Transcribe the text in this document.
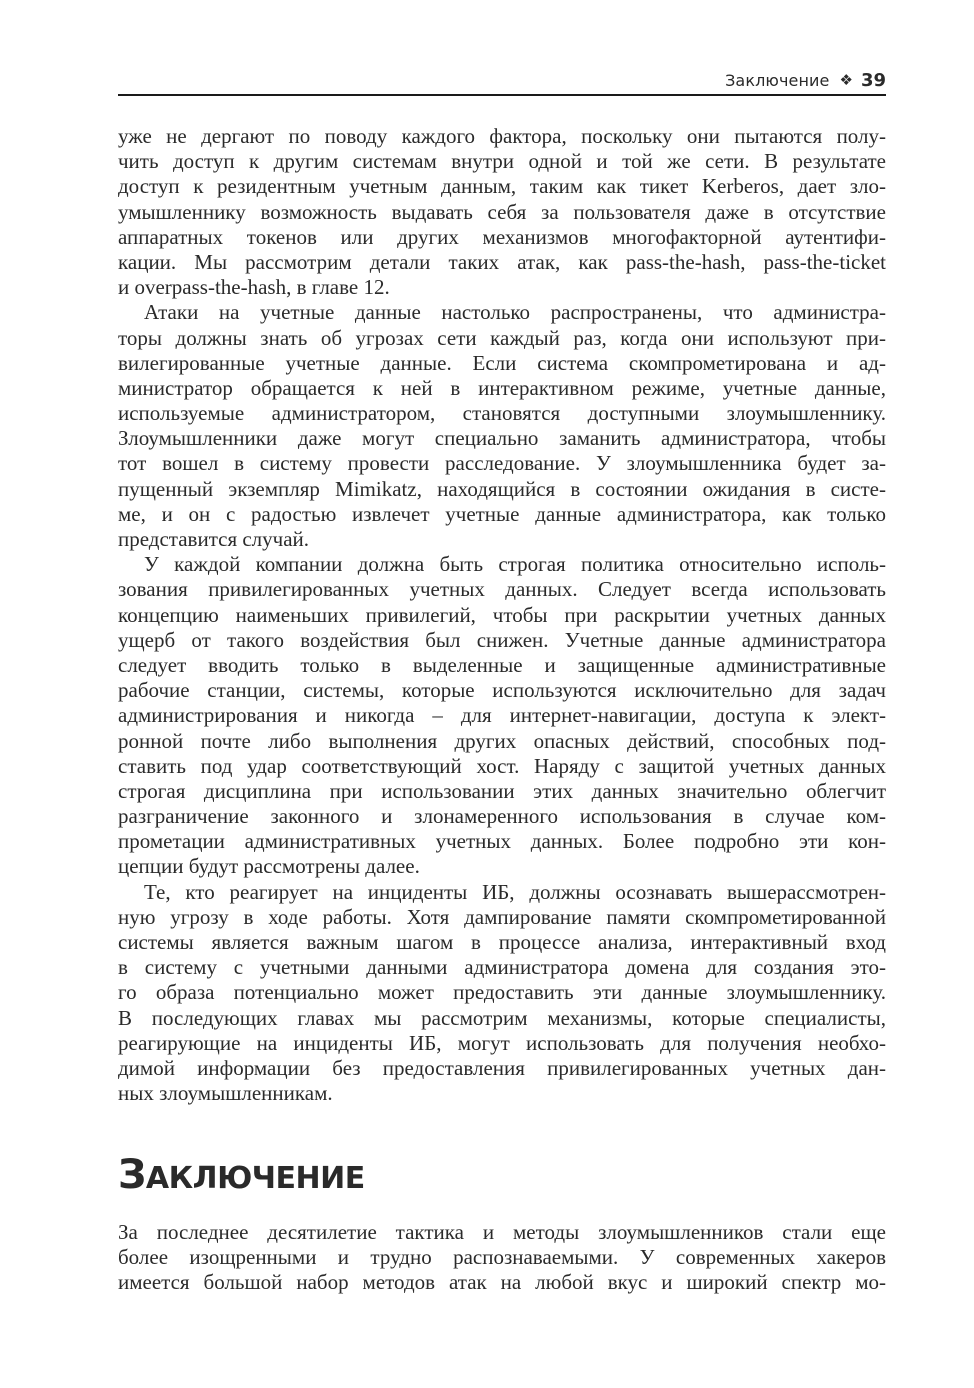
Заключение ❖ 39
уже не дергают по поводу каждого фактора, поскольку они пытаются полу-
чить доступ к другим системам внутри одной и той же сети. В результате
доступ к резидентным учетным данным, таким как тикет Kerberos, дает зло-
умышленнику возможность выдавать себя за пользователя даже в отсутствие
аппаратных токенов или других механизмов многофакторной аутентифи-
кации. Мы рассмотрим детали таких атак, как pass-the-hash, pass-the-ticket
и overpass-the-hash, в главе 12.
Атаки на учетные данные настолько распространены, что администра-
торы должны знать об угрозах сети каждый раз, когда они используют при-
вилегированные учетные данные. Если система скомпрометирована и ад-
министратор обращается к ней в интерактивном режиме, учетные данные,
используемые администратором, становятся доступными злоумышленнику.
Злоумышленники даже могут специально заманить администратора, чтобы
тот вошел в систему провести расследование. У злоумышленника будет за-
пущенный экземпляр Mimikatz, находящийся в состоянии ожидания в систе-
ме, и он с радостью извлечет учетные данные администратора, как только
представится случай.
У каждой компании должна быть строгая политика относительно исполь-
зования привилегированных учетных данных. Следует всегда использовать
концепцию наименьших привилегий, чтобы при раскрытии учетных данных
ущерб от такого воздействия был снижен. Учетные данные администратора
следует вводить только в выделенные и защищенные административные
рабочие станции, системы, которые используются исключительно для задач
администрирования и никогда – для интернет-навигации, доступа к элект-
ронной почте либо выполнения других опасных действий, способных под-
ставить под удар соответствующий хост. Наряду с защитой учетных данных
строгая дисциплина при использовании этих данных значительно облегчит
разграничение законного и злонамеренного использования в случае ком-
прометации административных учетных данных. Более подробно эти кон-
цепции будут рассмотрены далее.
Те, кто реагирует на инциденты ИБ, должны осознавать вышерассмотрен-
ную угрозу в ходе работы. Хотя дампирование памяти скомпрометированной
системы является важным шагом в процессе анализа, интерактивный вход
в систему с учетными данными администратора домена для создания это-
го образа потенциально может предоставить эти данные злоумышленнику.
В последующих главах мы рассмотрим механизмы, которые специалисты,
реагирующие на инциденты ИБ, могут использовать для получения необхо-
димой информации без предоставления привилегированных учетных дан-
ных злоумышленникам.
ЗАКЛЮЧЕНИЕ
За последнее десятилетие тактика и методы злоумышленников стали еще
более изощренными и трудно распознаваемыми. У современных хакеров
имеется большой набор методов атак на любой вкус и широкий спектр мо-
